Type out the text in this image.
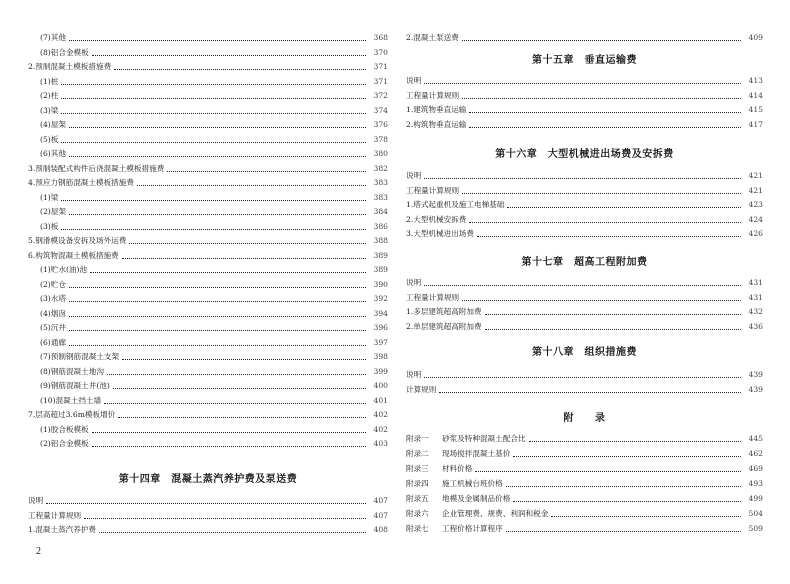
(7)其他	368
(8)铝合金模板	370
2.预制混凝土模板措施费	371
(1)桩	371
(2)柱	372
(3)梁	374
(4)屋架	376
(5)板	378
(6)其他	380
3.预制装配式构件后浇混凝土模板措施费	382
4.预应力钢筋混凝土模板措施费	383
(1)梁	383
(2)屋架	384
(3)板	386
5.钢滑模设备安拆及场外运费	388
6.构筑物混凝土模板措施费	389
(1)贮水(油)池	389
(2)贮仓	390
(3)水塔	392
(4)烟囱	394
(5)沉井	396
(6)通廊	397
(7)预制钢筋混凝土支架	398
(8)钢筋混凝土地沟	399
(9)钢筋混凝土井(池)	400
(10)混凝土挡土墙	401
7.层高超过3.6m模板增价	402
(1)胶合板模板	402
(2)铝合金模板	403
第十四章　混凝土蒸汽养护费及泵送费
说明	407
工程量计算规则	407
1.混凝土蒸汽养护费	408
2.混凝土泵送费	409
第十五章　垂直运输费
说明	413
工程量计算规则	414
1.建筑物垂直运输	415
2.构筑物垂直运输	417
第十六章　大型机械进出场费及安拆费
说明	421
工程量计算规则	421
1.塔式起重机及施工电梯基础	423
2.大型机械安拆费	424
3.大型机械进出场费	426
第十七章　超高工程附加费
说明	431
工程量计算规则	431
1.多层建筑超高附加费	432
2.单层建筑超高附加费	436
第十八章　组织措施费
说明	439
计算规则	439
附　　录
附录一 砂浆及特种混凝土配合比	445
附录二 现场搅拌混凝土基价	462
附录三 材料价格	469
附录四 施工机械台班价格	493
附录五 地模及金属制品价格	499
附录六 企业管理费、规费、利润和税金	504
附录七 工程价格计算程序	509
2
